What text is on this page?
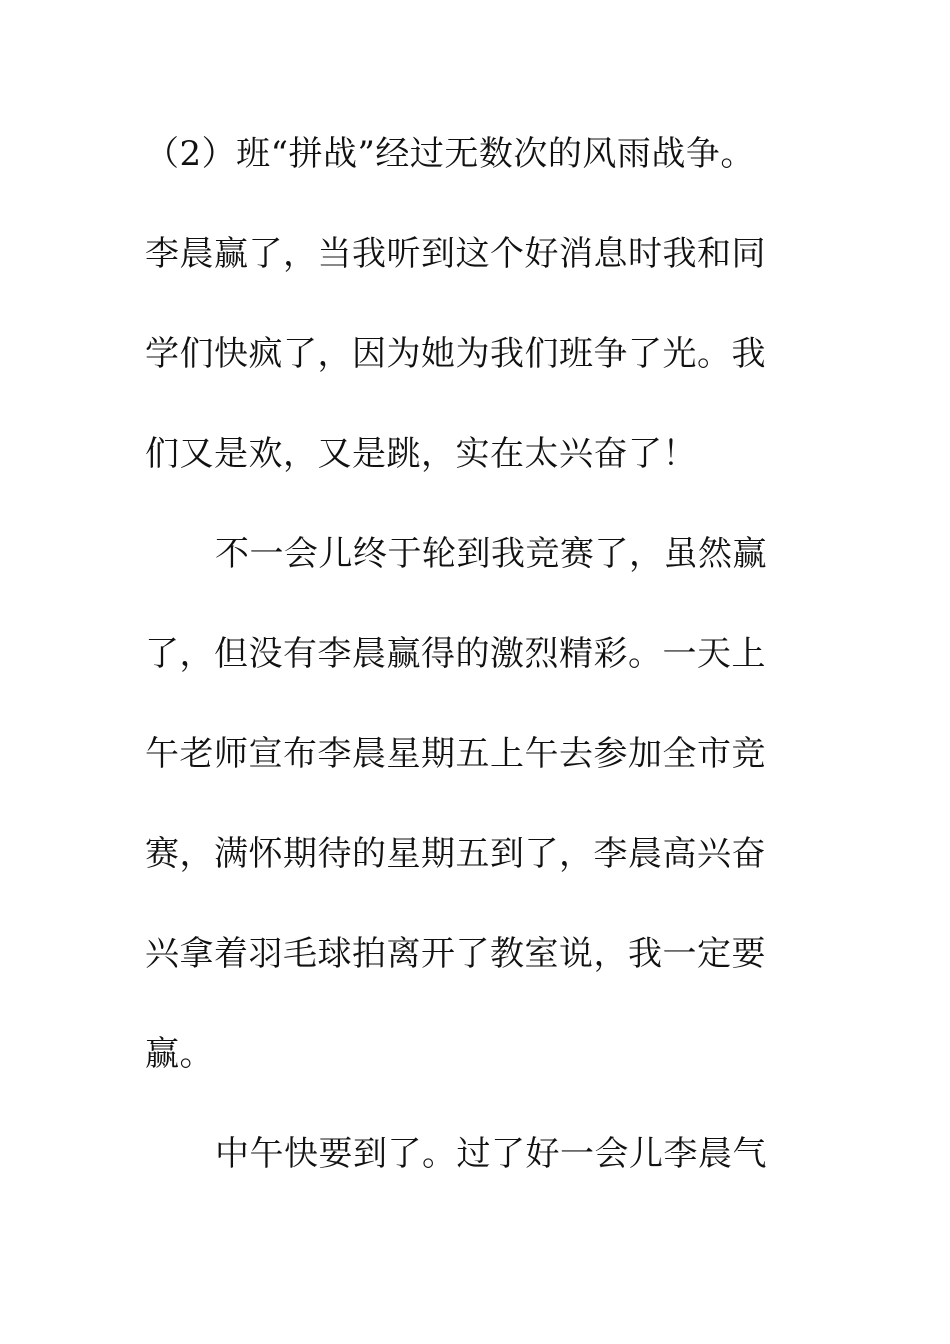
（2）班“拼战”经过无数次的风雨战争。
李晨赢了，当我听到这个好消息时我和同
学们快疯了，因为她为我们班争了光。我
们又是欢，又是跳，实在太兴奋了！
不一会儿终于轮到我竞赛了，虽然赢
了，但没有李晨赢得的激烈精彩。一天上
午老师宣布李晨星期五上午去参加全市竞
赛，满怀期待的星期五到了，李晨高兴奋
兴拿着羽毛球拍离开了教室说，我一定要
赢。
中午快要到了。过了好一会儿李晨气
